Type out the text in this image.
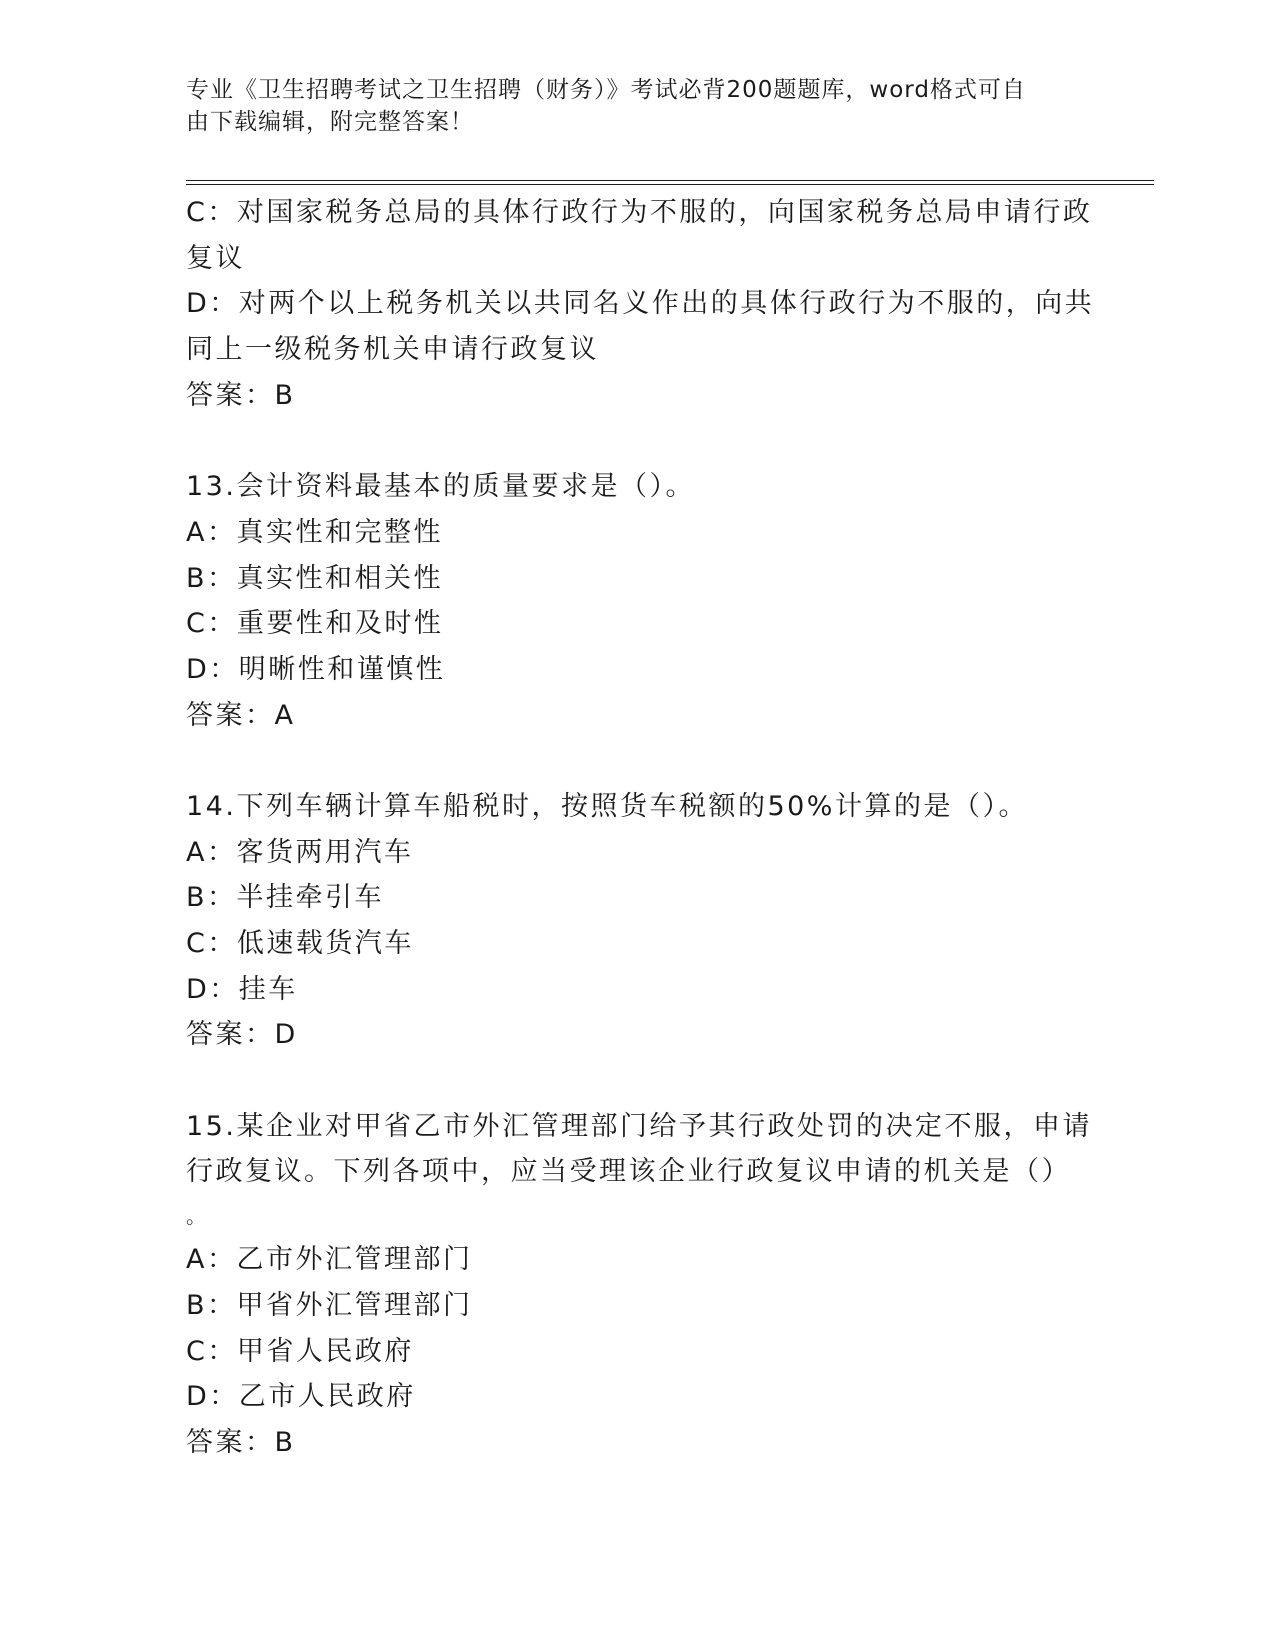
专业《卫生招聘考试之卫生招聘（财务）》考试必背200题题库，word格式可自
由下载编辑，附完整答案！
C：对国家税务总局的具体行政行为不服的，向国家税务总局申请行政
复议
D：对两个以上税务机关以共同名义作出的具体行政行为不服的，向共
同上一级税务机关申请行政复议
答案：B
13.会计资料最基本的质量要求是（）。
A：真实性和完整性
B：真实性和相关性
C：重要性和及时性
D：明晰性和谨慎性
答案：A
14.下列车辆计算车船税时，按照货车税额的50%计算的是（）。
A：客货两用汽车
B：半挂牵引车
C：低速载货汽车
D：挂车
答案：D
15.某企业对甲省乙市外汇管理部门给予其行政处罚的决定不服，申请
行政复议。下列各项中，应当受理该企业行政复议申请的机关是（）
。
A：乙市外汇管理部门
B：甲省外汇管理部门
C：甲省人民政府
D：乙市人民政府
答案：B
